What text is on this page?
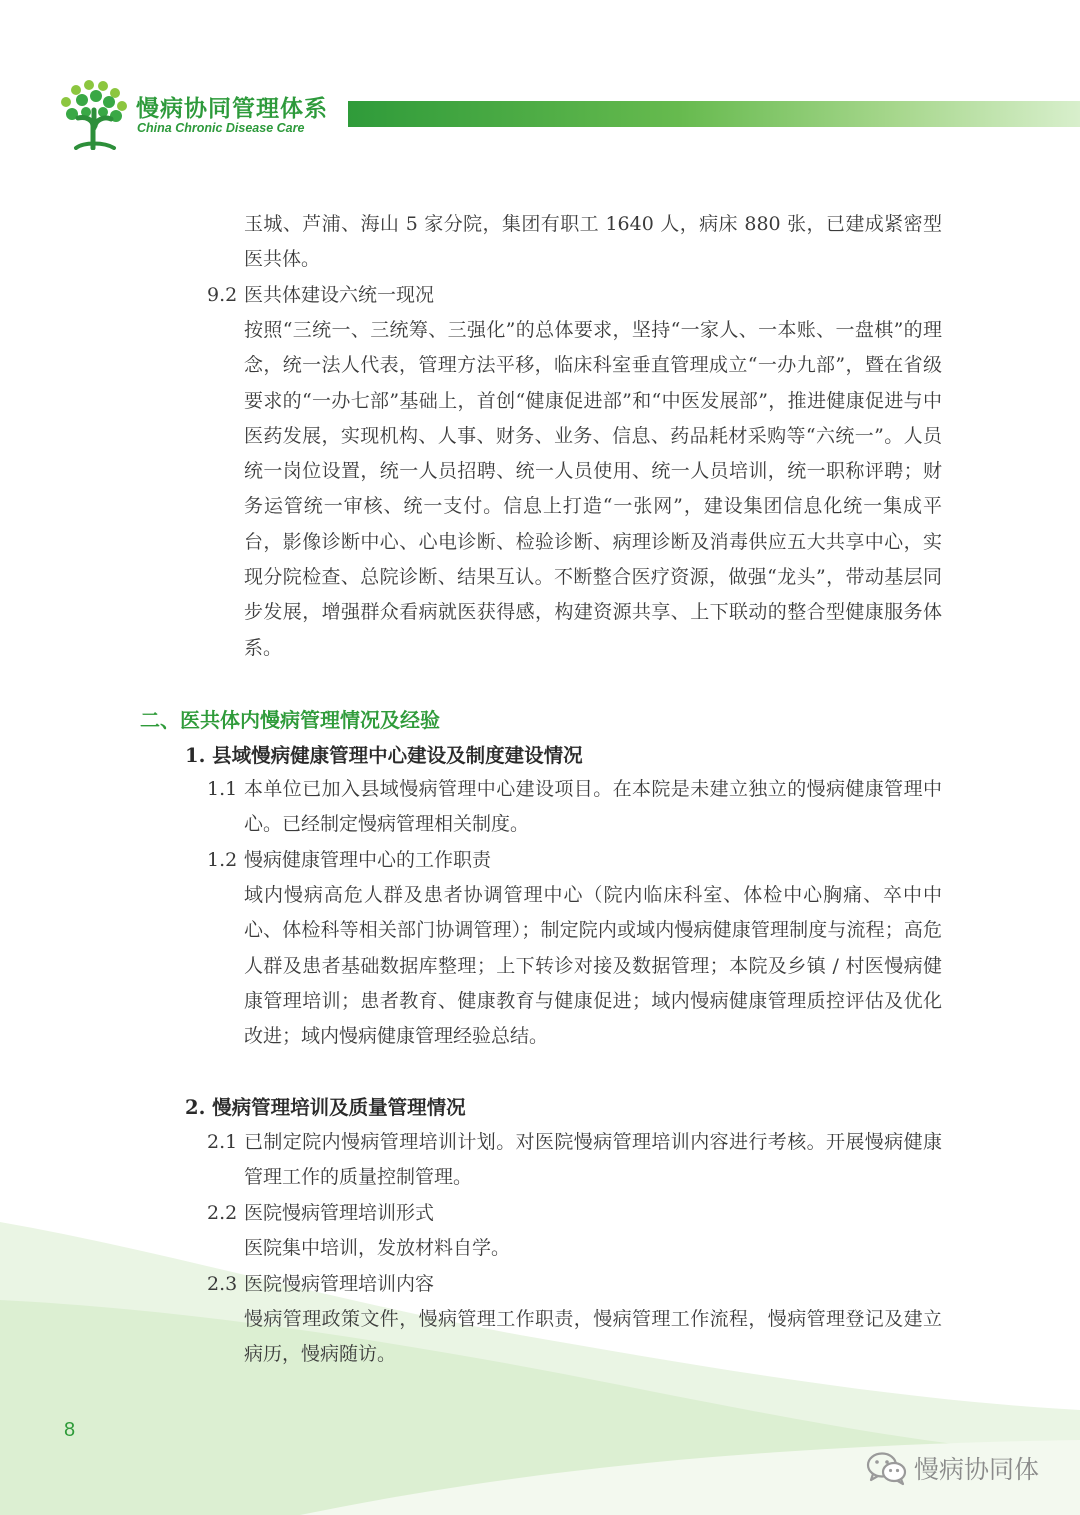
慢病协同管理体系
China Chronic Disease Care

玉城、芦浦、海山 5 家分院，集团有职工 1640 人，病床 880 张，已建成紧密型医共体。

9.2 医共体建设六统一现况

按照“三统一、三统筹、三强化”的总体要求，坚持“一家人、一本账、一盘棋”的理念，统一法人代表，管理方法平移，临床科室垂直管理成立“一办九部”，暨在省级要求的“一办七部”基础上，首创“健康促进部”和“中医发展部”，推进健康促进与中医药发展，实现机构、人事、财务、业务、信息、药品耗材采购等“六统一”。人员统一岗位设置，统一人员招聘、统一人员使用、统一人员培训，统一职称评聘；财务运管统一审核、统一支付。信息上打造“一张网”，建设集团信息化统一集成平台，影像诊断中心、心电诊断、检验诊断、病理诊断及消毒供应五大共享中心，实现分院检查、总院诊断、结果互认。不断整合医疗资源，做强“龙头”，带动基层同步发展，增强群众看病就医获得感，构建资源共享、上下联动的整合型健康服务体系。

二、医共体内慢病管理情况及经验
1. 县域慢病健康管理中心建设及制度建设情况

1.1 本单位已加入县域慢病管理中心建设项目。在本院是未建立独立的慢病健康管理中心。已经制定慢病管理相关制度。

1.2 慢病健康管理中心的工作职责

域内慢病高危人群及患者协调管理中心（院内临床科室、体检中心胸痛、卒中中心、体检科等相关部门协调管理）；制定院内或域内慢病健康管理制度与流程；高危人群及患者基础数据库整理；上下转诊对接及数据管理；本院及乡镇 / 村医慢病健康管理培训；患者教育、健康教育与健康促进；域内慢病健康管理质控评估及优化改进；域内慢病健康管理经验总结。

2. 慢病管理培训及质量管理情况

2.1 已制定院内慢病管理培训计划。对医院慢病管理培训内容进行考核。开展慢病健康管理工作的质量控制管理。

2.2 医院慢病管理培训形式

医院集中培训，发放材料自学。

2.3 医院慢病管理培训内容

慢病管理政策文件，慢病管理工作职责，慢病管理工作流程，慢病管理登记及建立病历，慢病随访。

8
慢病协同体
